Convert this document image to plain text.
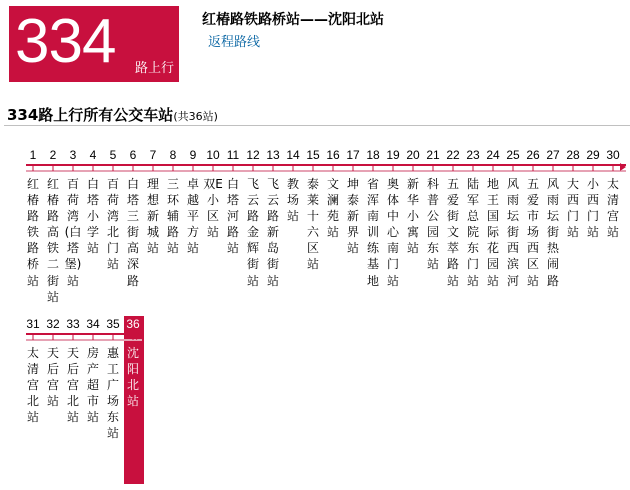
334 路上行
红椿路铁路桥站——沈阳北站
返程路线
334路上行所有公交车站(共36站)
1
红椿路铁路桥站
2
红椿路高铁二街站
3
百荷湾(白塔堡)站
4
白塔小学站
5
百荷湾北门站
6
白塔三街高深路
7
理想新城站
8
三环辅路站
9
卓越平方站
10
双E小区站
11
白塔河路站
12
飞云路金辉街站
13
飞云路新岛街站
14
教场站
15
泰莱十六区站
16
文澜苑站
17
坤泰新界站
18
省浑南训练基地
19
奥体中心南门站
20
新华小寓站
21
科普公园东站
22
五爱街文萃路站
23
陆军总院东门站
24
地王国际花园站
25
风雨坛街西滨河
26
五爱市场西区站
27
风雨坛街热闹路
28
大西门站
29
小西门站
30
太清宫站
31
太清宫北站
32
天后宫站
33
天后宫北站
34
房产超市站
35
惠工广场东站
36
沈阳北站
